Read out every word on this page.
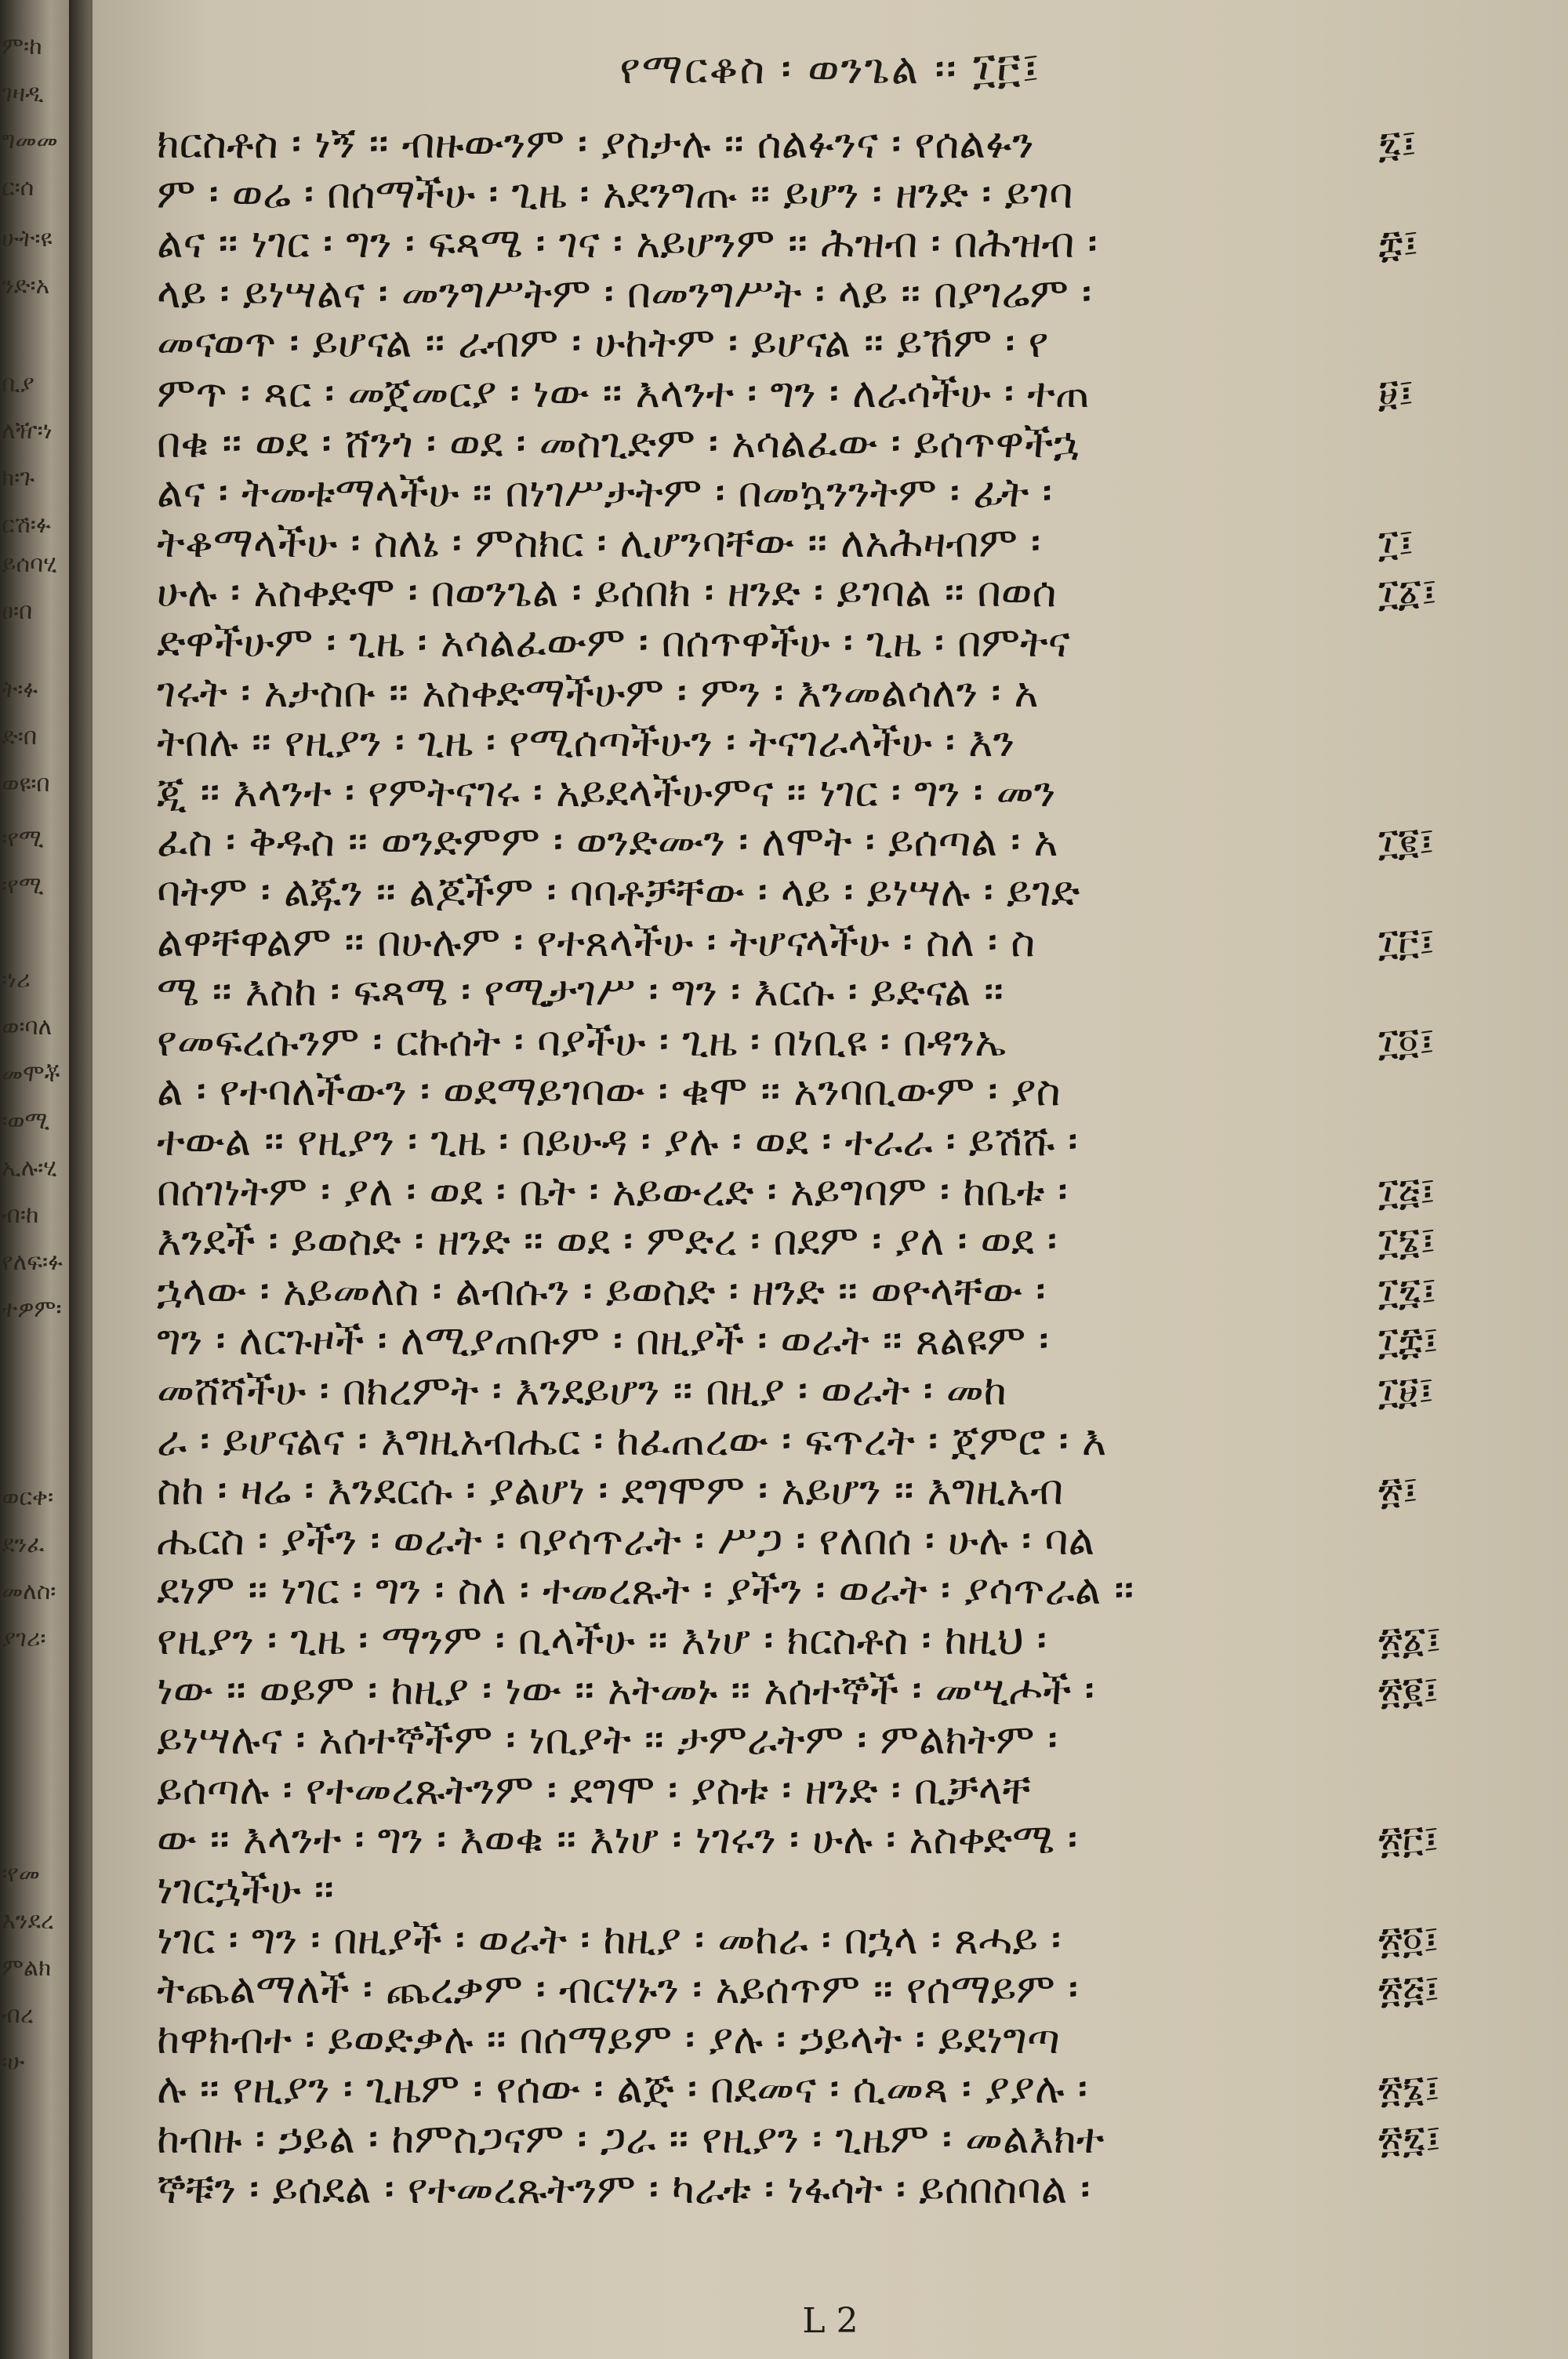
ም፡ከ
ገዛዲ
ግመመ
ር፡ሰ
ሁት፡ዩ
ንድ፡አ
ቢያ
ለዥ፡ነ
ክ፡ጉ
ርሽ፡ፉ
ይሰባሂ
ፀ፡በ
ት፡ፉ
ድ፡በ
ወዩ፡በ
፡የሚ
፡የሚ
፡ነሪ
ወ፡ባለ
መሞቾ
፡ወሚ
ኢሉ፡ሂ
ብ፡ከ
የለፍ፡ፉ
ተዎም፡
ወርቀ፡
ደንፈ
መለስ፡
ያገሪ፡
፡የመ
እንደረ
ምልክ
ብረ
፡ሁ
የማርቆስ ፡ ወንጌል ፡፡ ፲፫፤
ክርስቶስ ፡ ነኝ ፡፡ ብዙውንም ፡ ያስታሉ ፡፡ ሰልፉንና ፡ የሰልፉን	፯፤
ም ፡ ወሬ ፡ በሰማችሁ ፡ ጊዜ ፡ አደንግጡ ፡፡ ይሆን ፡ ዘንድ ፡ ይገባ
ልና ፡፡ ነገር ፡ ግን ፡ ፍጻሜ ፡ ገና ፡ አይሆንም ፡፡ ሕዝብ ፡ በሕዝብ ፡	፰፤
ላይ ፡ ይነሣልና ፡ መንግሥትም ፡ በመንግሥት ፡ ላይ ፡፡ በያገሬም ፡
መናወጥ ፡ ይሆናል ፡፡ ራብም ፡ ሁከትም ፡ ይሆናል ፡፡ ይኸም ፡ የ
ምጥ ፡ ጻር ፡ መጀመርያ ፡ ነው ፡፡ እላንተ ፡ ግን ፡ ለራሳችሁ ፡ ተጠ	፱፤
በቁ ፡፡ ወደ ፡ ሸንጎ ፡ ወደ ፡ መስጊድም ፡ አሳልፈው ፡ ይሰጥዋችኋ
ልና ፡ ትመቱማላችሁ ፡፡ በነገሥታትም ፡ በመኳንንትም ፡ ፊት ፡
ትቆማላችሁ ፡ ስለኔ ፡ ምስክር ፡ ሊሆንባቸው ፡፡ ለአሕዛብም ፡	፲፤
ሁሉ ፡ አስቀድሞ ፡ በወንጌል ፡ ይሰበክ ፡ ዘንድ ፡ ይገባል ፡፡ በወሰ	፲፩፤
ድዋችሁም ፡ ጊዜ ፡ አሳልፈውም ፡ በሰጥዋችሁ ፡ ጊዜ ፡ በምትና
ገሩት ፡ አታስቡ ፡፡ አስቀድማችሁም ፡ ምን ፡ እንመልሳለን ፡ አ
ትበሉ ፡፡ የዚያን ፡ ጊዜ ፡ የሚሰጣችሁን ፡ ትናገራላችሁ ፡ እን
ጂ ፡፡ እላንተ ፡ የምትናገሩ ፡ አይደላችሁምና ፡፡ ነገር ፡ ግን ፡ መን
ፈስ ፡ ቅዱስ ፡፡ ወንድምም ፡ ወንድሙን ፡ ለሞት ፡ ይሰጣል ፡ አ	፲፪፤
ባትም ፡ ልጁን ፡፡ ልጆችም ፡ ባባቶቻቸው ፡ ላይ ፡ ይነሣሉ ፡ ይገድ
ልዋቸዋልም ፡፡ በሁሉም ፡ የተጸላችሁ ፡ ትሆናላችሁ ፡ ስለ ፡ ስ	፲፫፤
ሜ ፡፡ እስከ ፡ ፍጻሜ ፡ የሚታገሥ ፡ ግን ፡ እርሱ ፡ ይድናል ፡፡
የመፍረሱንም ፡ ርኩሰት ፡ ባያችሁ ፡ ጊዜ ፡ በነቢዩ ፡ በዳንኤ	፲፬፤
ል ፡ የተባለችውን ፡ ወደማይገባው ፡ ቁሞ ፡፡ አንባቢውም ፡ ያስ
ተውል ፡፡ የዚያን ፡ ጊዜ ፡ በይሁዳ ፡ ያሉ ፡ ወደ ፡ ተራራ ፡ ይሽሹ ፡
በሰገነትም ፡ ያለ ፡ ወደ ፡ ቤት ፡ አይውረድ ፡ አይግባም ፡ ከቤቱ ፡	፲፭፤
እንደች ፡ ይወስድ ፡ ዘንድ ፡፡ ወደ ፡ ምድረ ፡ በደም ፡ ያለ ፡ ወደ ፡	፲፮፤
ኋላው ፡ አይመለስ ፡ ልብሱን ፡ ይወስድ ፡ ዘንድ ፡፡ ወዮላቸው ፡	፲፯፤
ግን ፡ ለርጉዞች ፡ ለሚያጠቡም ፡ በዚያች ፡ ወራት ፡፡ ጸልዩም ፡	፲፰፤
መሸሻችሁ ፡ በክረምት ፡ እንደይሆን ፡፡ በዚያ ፡ ወራት ፡ መከ	፲፱፤
ራ ፡ ይሆናልና ፡ እግዚአብሔር ፡ ከፈጠረው ፡ ፍጥረት ፡ ጀምሮ ፡ እ
ስከ ፡ ዛሬ ፡ እንደርሱ ፡ ያልሆነ ፡ ደግሞም ፡ አይሆን ፡፡ እግዚአብ	፳፤
ሔርስ ፡ ያችን ፡ ወራት ፡ ባያሳጥራት ፡ ሥጋ ፡ የለበሰ ፡ ሁሉ ፡ ባል
ደነም ፡፡ ነገር ፡ ግን ፡ ስለ ፡ ተመረጹት ፡ ያችን ፡ ወራት ፡ ያሳጥራል ፡፡
የዚያን ፡ ጊዜ ፡ ማንም ፡ ቢላችሁ ፡፡ እነሆ ፡ ክርስቶስ ፡ ከዚህ ፡	፳፩፤
ነው ፡፡ ወይም ፡ ከዚያ ፡ ነው ፡፡ አትመኑ ፡፡ አሰተኞች ፡ መሢሖች ፡	፳፪፤
ይነሣሉና ፡ አሰተኞችም ፡ ነቢያት ፡፡ ታምራትም ፡ ምልክትም ፡
ይሰጣሉ ፡ የተመረጹትንም ፡ ደግሞ ፡ ያስቱ ፡ ዘንድ ፡ ቢቻላቸ
ው ፡፡ እላንተ ፡ ግን ፡ እወቁ ፡፡ እነሆ ፡ ነገሩን ፡ ሁሉ ፡ አስቀድሜ ፡	፳፫፤
ነገርኋችሁ ፡፡
ነገር ፡ ግን ፡ በዚያች ፡ ወራት ፡ ከዚያ ፡ መከራ ፡ በኋላ ፡ ጸሓይ ፡	፳፬፤
ትጨልማለች ፡ ጨረቃም ፡ ብርሃኑን ፡ አይሰጥም ፡፡ የሰማይም ፡	፳፭፤
ከዋክብተ ፡ ይወድቃሉ ፡፡ በሰማይም ፡ ያሉ ፡ ኃይላት ፡ ይደነግጣ
ሉ ፡፡ የዚያን ፡ ጊዜም ፡ የሰው ፡ ልጅ ፡ በደመና ፡ ሲመጻ ፡ ያያሉ ፡	፳፮፤
ከብዙ ፡ ኃይል ፡ ከምስጋናም ፡ ጋራ ፡፡ የዚያን ፡ ጊዜም ፡ መልእክተ	፳፯፤
ኞቹን ፡ ይሰደል ፡ የተመረጹትንም ፡ ካራቱ ፡ ነፋሳት ፡ ይሰበስባል ፡
L 2
